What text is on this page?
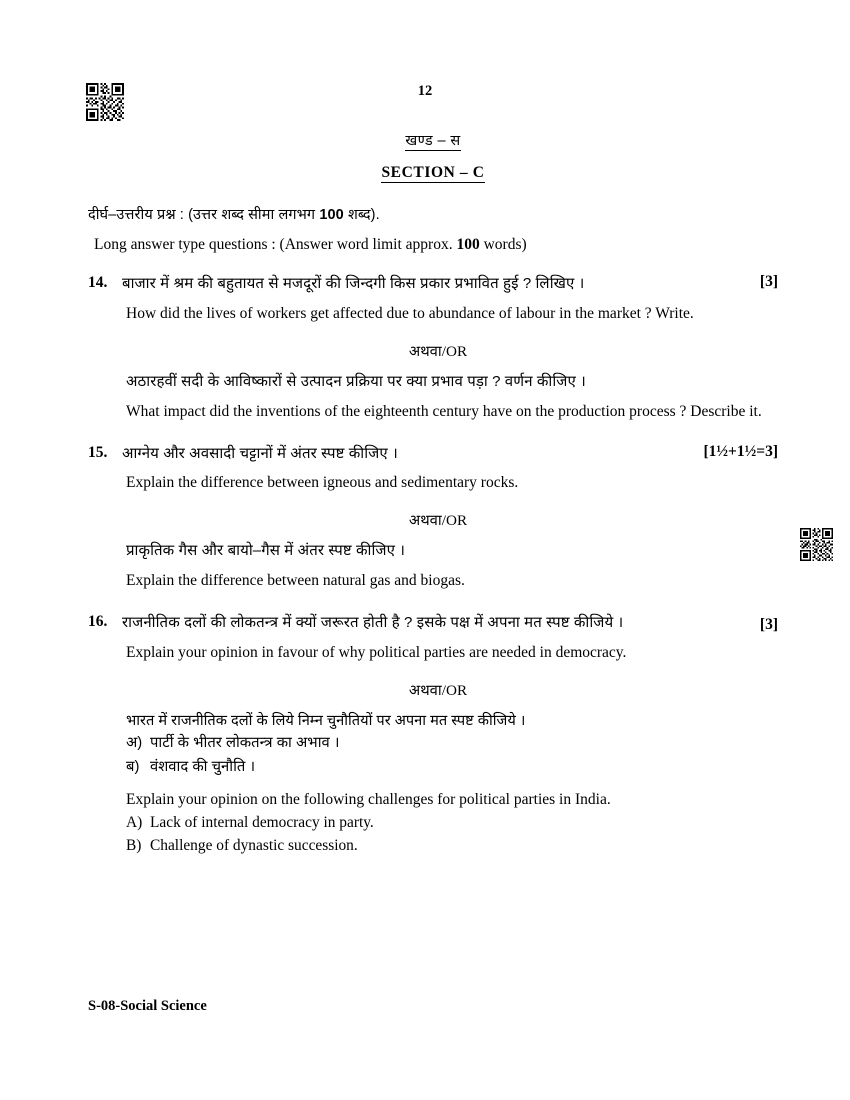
12
खण्ड – स
SECTION – C
दीर्घ–उत्तरीय प्रश्न : (उत्तर शब्द सीमा लगभग 100 शब्द).
Long answer type questions : (Answer word limit approx. 100 words)
14. बाजार में श्रम की बहुतायत से मजदूरों की जिन्दगी किस प्रकार प्रभावित हुई ? लिखिए ।	[3]
How did the lives of workers get affected due to abundance of labour in the market ? Write.
अथवा/OR
अठारहवीं सदी के आविष्कारों से उत्पादन प्रक्रिया पर क्या प्रभाव पड़ा ? वर्णन कीजिए ।
What impact did the inventions of the eighteenth century have on the production process ? Describe it.
15. आग्नेय और अवसादी चट्टानों में अंतर स्पष्ट कीजिए ।	[1½+1½=3]
Explain the difference between igneous and sedimentary rocks.
अथवा/OR
प्राकृतिक गैस और बायो–गैस में अंतर स्पष्ट कीजिए ।
Explain the difference between natural gas and biogas.
16. राजनीतिक दलों की लोकतन्त्र में क्यों जरूरत होती है ? इसके पक्ष में अपना मत स्पष्ट कीजिये ।	[3]
Explain your opinion in favour of why political parties are needed in democracy.
अथवा/OR
भारत में राजनीतिक दलों के लिये निम्न चुनौतियों पर अपना मत स्पष्ट कीजिये ।
अ) पार्टी के भीतर लोकतन्त्र का अभाव ।
ब) वंशवाद की चुनौति ।
Explain your opinion on the following challenges for political parties in India.
A) Lack of internal democracy in party.
B) Challenge of dynastic succession.
S-08-Social Science
